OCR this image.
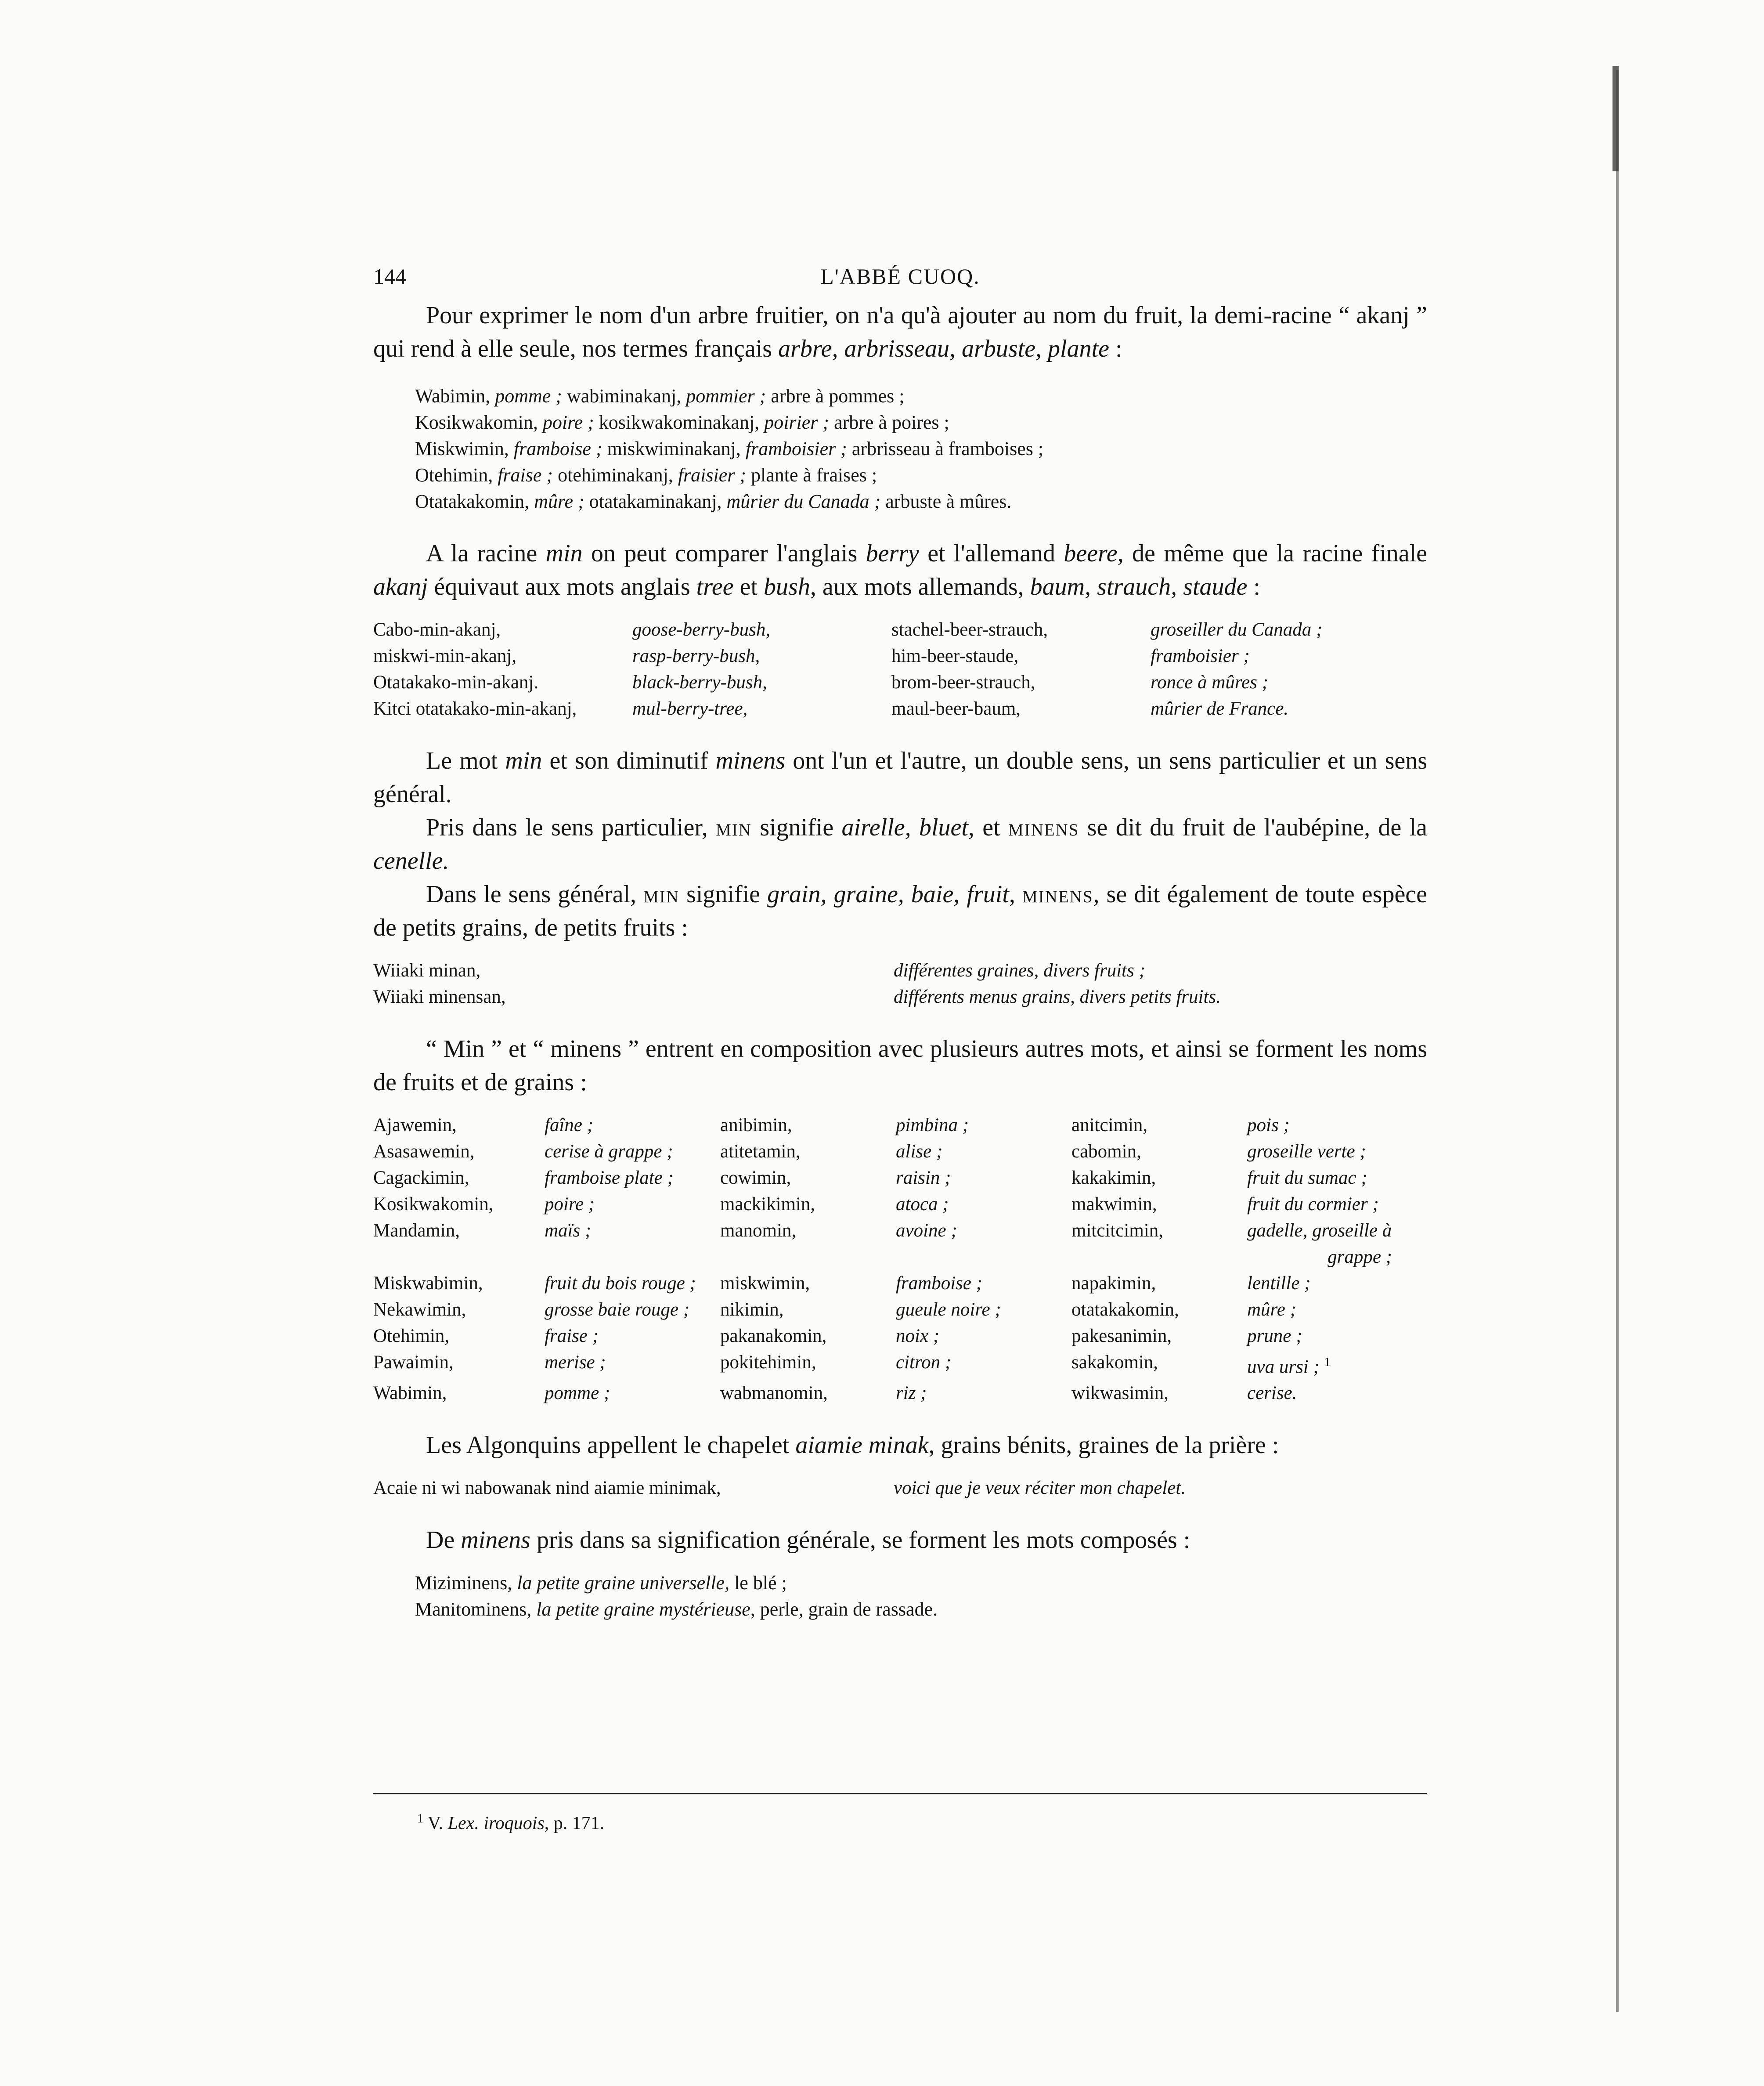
144	L'ABBÉ CUOQ.

Pour exprimer le nom d'un arbre fruitier, on n'a qu'à ajouter au nom du fruit, la demi-racine “ akanj ” qui rend à elle seule, nos termes français arbre, arbrisseau, arbuste, plante :

Wabimin, pomme ; wabiminakanj, pommier ; arbre à pommes ;
Kosikwakomin, poire ; kosikwakominakanj, poirier ; arbre à poires ;
Miskwimin, framboise ; miskwiminakanj, framboisier ; arbrisseau à framboises ;
Otehimin, fraise ; otehiminakanj, fraisier ; plante à fraises ;
Otatakakomin, mûre ; otatakaminakanj, mûrier du Canada ; arbuste à mûres.

A la racine min on peut comparer l'anglais berry et l'allemand beere, de même que la racine finale akanj équivaut aux mots anglais tree et bush, aux mots allemands, baum, strauch, staude :

Cabo-min-akanj,	goose-berry-bush,	stachel-beer-strauch,	groseiller du Canada ;
miskwi-min-akanj,	rasp-berry-bush,	him-beer-staude,	framboisier ;
Otatakako-min-akanj.	black-berry-bush,	brom-beer-strauch,	ronce à mûres ;
Kitci otatakako-min-akanj,	mul-berry-tree,	maul-beer-baum,	mûrier de France.

Le mot min et son diminutif minens ont l'un et l'autre, un double sens, un sens particulier et un sens général.

Pris dans le sens particulier, min signifie airelle, bluet, et minens se dit du fruit de l'aubépine, de la cenelle.

Dans le sens général, min signifie grain, graine, baie, fruit, minens, se dit également de toute espèce de petits grains, de petits fruits :

Wiiaki minan,	différentes graines, divers fruits ;
Wiiaki minensan,	différents menus grains, divers petits fruits.

“ Min ” et “ minens ” entrent en composition avec plusieurs autres mots, et ainsi se forment les noms de fruits et de grains :

Ajawemin,	faîne ;	anibimin,	pimbina ;	anitcimin,	pois ;
Asasawemin,	cerise à grappe ;	atitetamin,	alise ;	cabomin,	groseille verte ;
Cagackimin,	framboise plate ;	cowimin,	raisin ;	kakakimin,	fruit du sumac ;
Kosikwakomin,	poire ;	mackikimin,	atoca ;	makwimin,	fruit du cormier ;
Mandamin,	maïs ;	manomin,	avoine ;	mitcitcimin,	gadelle, groseille à
grappe ;
Miskwabimin,	fruit du bois rouge ;	miskwimin,	framboise ;	napakimin,	lentille ;
Nekawimin,	grosse baie rouge ;	nikimin,	gueule noire ;	otatakakomin,	mûre ;
Otehimin,	fraise ;	pakanakomin,	noix ;	pakesanimin,	prune ;
Pawaimin,	merise ;	pokitehimin,	citron ;	sakakomin,	uva ursi ; $^1$
Wabimin,	pomme ;	wabmanomin,	riz ;	wikwasimin,	cerise.

Les Algonquins appellent le chapelet aiamie minak, grains bénits, graines de la prière :

Acaie ni wi nabowanak nind aiamie minimak,	voici que je veux réciter mon chapelet.

De minens pris dans sa signification générale, se forment les mots composés :

Miziminens, la petite graine universelle, le blé ;
Manitominens, la petite graine mystérieuse, perle, grain de rassade.
$^1$ V. Lex. iroquois, p. 171.
